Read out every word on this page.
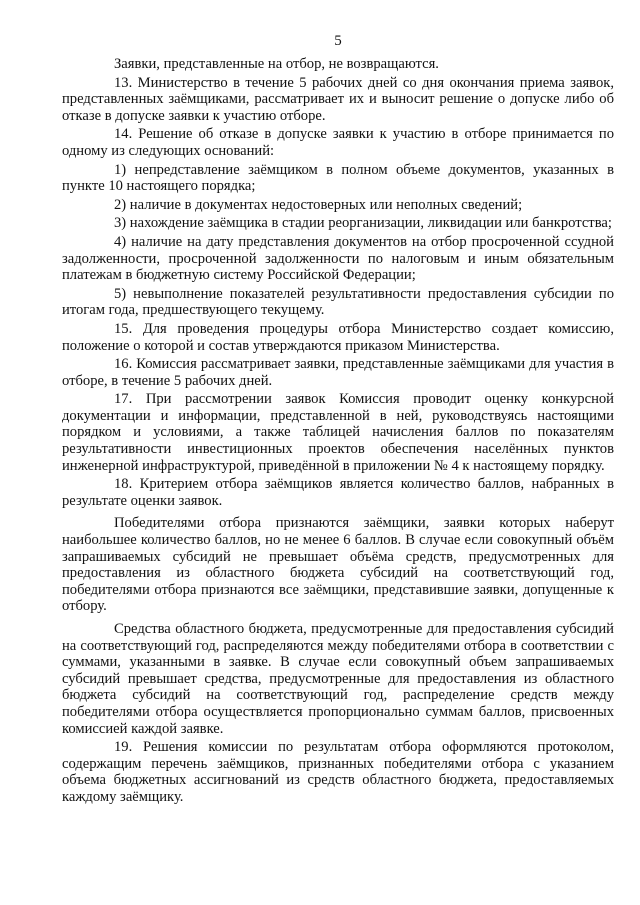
5

Заявки, представленные на отбор, не возвращаются.

13. Министерство в течение 5 рабочих дней со дня окончания приема заявок, представленных заёмщиками, рассматривает их и выносит решение о допуске либо об отказе в допуске заявки к участию отборе.

14. Решение об отказе в допуске заявки к участию в отборе принимается по одному из следующих оснований:

1) непредставление заёмщиком в полном объеме документов, указанных в пункте 10 настоящего порядка;

2) наличие в документах недостоверных или неполных сведений;

3) нахождение заёмщика в стадии реорганизации, ликвидации или банкротства;

4) наличие на дату представления документов на отбор просроченной ссудной задолженности, просроченной задолженности по налоговым и иным обязательным платежам в бюджетную систему Российской Федерации;

5) невыполнение показателей результативности предоставления субсидии по итогам года, предшествующего текущему.

15. Для проведения процедуры отбора Министерство создает комиссию, положение о которой и состав утверждаются приказом Министерства.

16. Комиссия рассматривает заявки, представленные заёмщиками для участия в отборе, в течение 5 рабочих дней.

17. При рассмотрении заявок Комиссия проводит оценку конкурсной документации и информации, представленной в ней, руководствуясь настоящими порядком и условиями, а также таблицей начисления баллов по показателям результативности инвестиционных проектов обеспечения населённых пунктов инженерной инфраструктурой, приведённой в приложении № 4 к настоящему порядку.

18. Критерием отбора заёмщиков является количество баллов, набранных в результате оценки заявок.

Победителями отбора признаются заёмщики, заявки которых наберут наибольшее количество баллов, но не менее 6 баллов. В случае если совокупный объём запрашиваемых субсидий не превышает объёма средств, предусмотренных для предоставления из областного бюджета субсидий на соответствующий год, победителями отбора признаются все заёмщики, представившие заявки, допущенные к отбору.

Средства областного бюджета, предусмотренные для предоставления субсидий на соответствующий год, распределяются между победителями отбора в соответствии с суммами, указанными в заявке. В случае если совокупный объем запрашиваемых субсидий превышает средства, предусмотренные для предоставления из областного бюджета субсидий на соответствующий год, распределение средств между победителями отбора осуществляется пропорционально суммам баллов, присвоенных комиссией каждой заявке.

19. Решения комиссии по результатам отбора оформляются протоколом, содержащим перечень заёмщиков, признанных победителями отбора с указанием объема бюджетных ассигнований из средств областного бюджета, предоставляемых каждому заёмщику.
